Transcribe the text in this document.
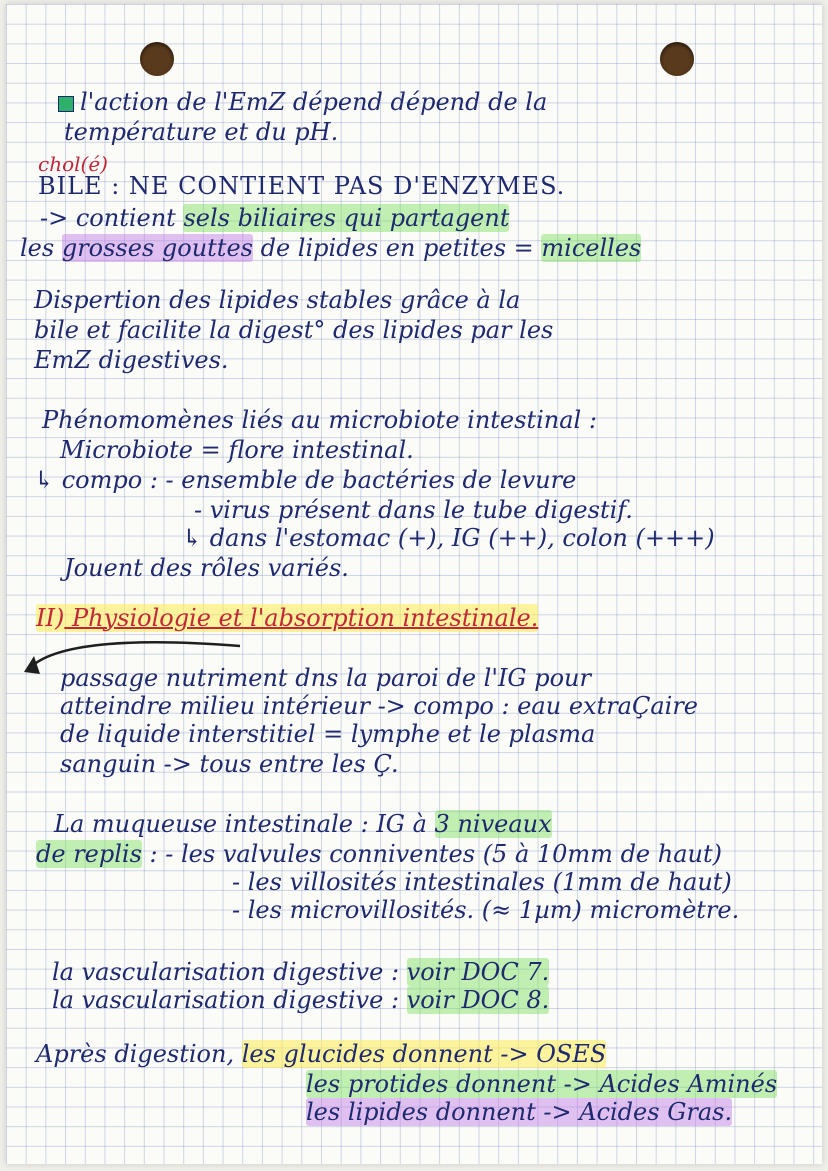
l'action de l'EmZ dépend dépend de la
température et du pH.
chol(é)
BILE : NE CONTIENT PAS D'ENZYMES.
-> contient sels biliaires qui partagent
les grosses gouttes de lipides en petites = micelles
Dispertion des lipides stables grâce à la
bile et facilite la digest° des lipides par les
EmZ digestives.
Phénomomènes liés au microbiote intestinal :
Microbiote = flore intestinal.
↳ compo : - ensemble de bactéries de levure
- virus présent dans le tube digestif.
↳ dans l'estomac (+), IG (++), colon (+++)
Jouent des rôles variés.
II) Physiologie et l'absorption intestinale.
passage nutriment dns la paroi de l'IG pour
atteindre milieu intérieur -> compo : eau extraÇaire
de liquide interstitiel = lymphe et le plasma
sanguin -> tous entre les Ç.
La muqueuse intestinale : IG à 3 niveaux
de replis : - les valvules conniventes (5 à 10mm de haut)
- les villosités intestinales (1mm de haut)
- les microvillosités. (≈ 1µm) micromètre.
la vascularisation digestive : voir DOC 7.
la vascularisation digestive : voir DOC 8.
Après digestion, les glucides donnent -> OSES
les protides donnent -> Acides Aminés
les lipides donnent -> Acides Gras.
